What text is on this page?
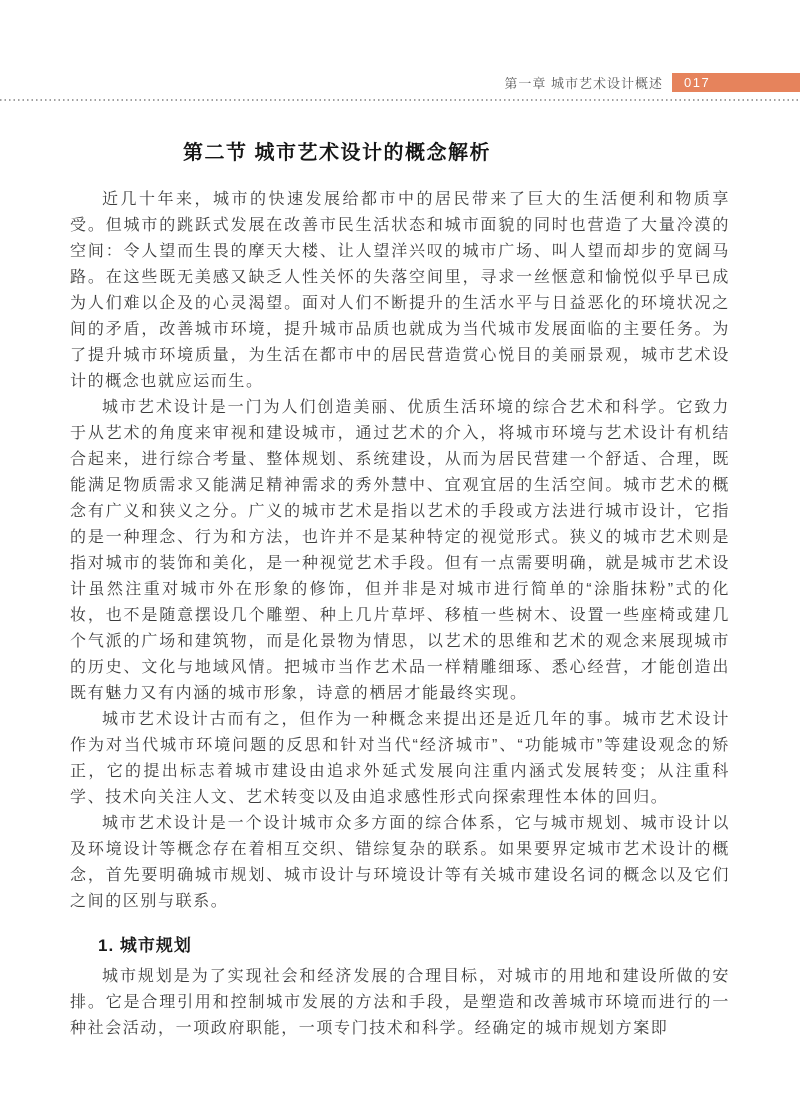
第一章 城市艺术设计概述	017
第二节 城市艺术设计的概念解析

近几十年来，城市的快速发展给都市中的居民带来了巨大的生活便利和物质享受。但城市的跳跃式发展在改善市民生活状态和城市面貌的同时也营造了大量冷漠的空间：令人望而生畏的摩天大楼、让人望洋兴叹的城市广场、叫人望而却步的宽阔马路。在这些既无美感又缺乏人性关怀的失落空间里，寻求一丝惬意和愉悦似乎早已成为人们难以企及的心灵渴望。面对人们不断提升的生活水平与日益恶化的环境状况之间的矛盾，改善城市环境，提升城市品质也就成为当代城市发展面临的主要任务。为了提升城市环境质量，为生活在都市中的居民营造赏心悦目的美丽景观，城市艺术设计的概念也就应运而生。

城市艺术设计是一门为人们创造美丽、优质生活环境的综合艺术和科学。它致力于从艺术的角度来审视和建设城市，通过艺术的介入，将城市环境与艺术设计有机结合起来，进行综合考量、整体规划、系统建设，从而为居民营建一个舒适、合理，既能满足物质需求又能满足精神需求的秀外慧中、宜观宜居的生活空间。城市艺术的概念有广义和狭义之分。广义的城市艺术是指以艺术的手段或方法进行城市设计，它指的是一种理念、行为和方法，也许并不是某种特定的视觉形式。狭义的城市艺术则是指对城市的装饰和美化，是一种视觉艺术手段。但有一点需要明确，就是城市艺术设计虽然注重对城市外在形象的修饰，但并非是对城市进行简单的“涂脂抹粉”式的化妆，也不是随意摆设几个雕塑、种上几片草坪、移植一些树木、设置一些座椅或建几个气派的广场和建筑物，而是化景物为情思，以艺术的思维和艺术的观念来展现城市的历史、文化与地域风情。把城市当作艺术品一样精雕细琢、悉心经营，才能创造出既有魅力又有内涵的城市形象，诗意的栖居才能最终实现。

城市艺术设计古而有之，但作为一种概念来提出还是近几年的事。城市艺术设计作为对当代城市环境问题的反思和针对当代“经济城市”、“功能城市”等建设观念的矫正，它的提出标志着城市建设由追求外延式发展向注重内涵式发展转变；从注重科学、技术向关注人文、艺术转变以及由追求感性形式向探索理性本体的回归。

城市艺术设计是一个设计城市众多方面的综合体系，它与城市规划、城市设计以及环境设计等概念存在着相互交织、错综复杂的联系。如果要界定城市艺术设计的概念，首先要明确城市规划、城市设计与环境设计等有关城市建设名词的概念以及它们之间的区别与联系。

1. 城市规划

城市规划是为了实现社会和经济发展的合理目标，对城市的用地和建设所做的安排。它是合理引用和控制城市发展的方法和手段，是塑造和改善城市环境而进行的一种社会活动，一项政府职能，一项专门技术和科学。经确定的城市规划方案即
